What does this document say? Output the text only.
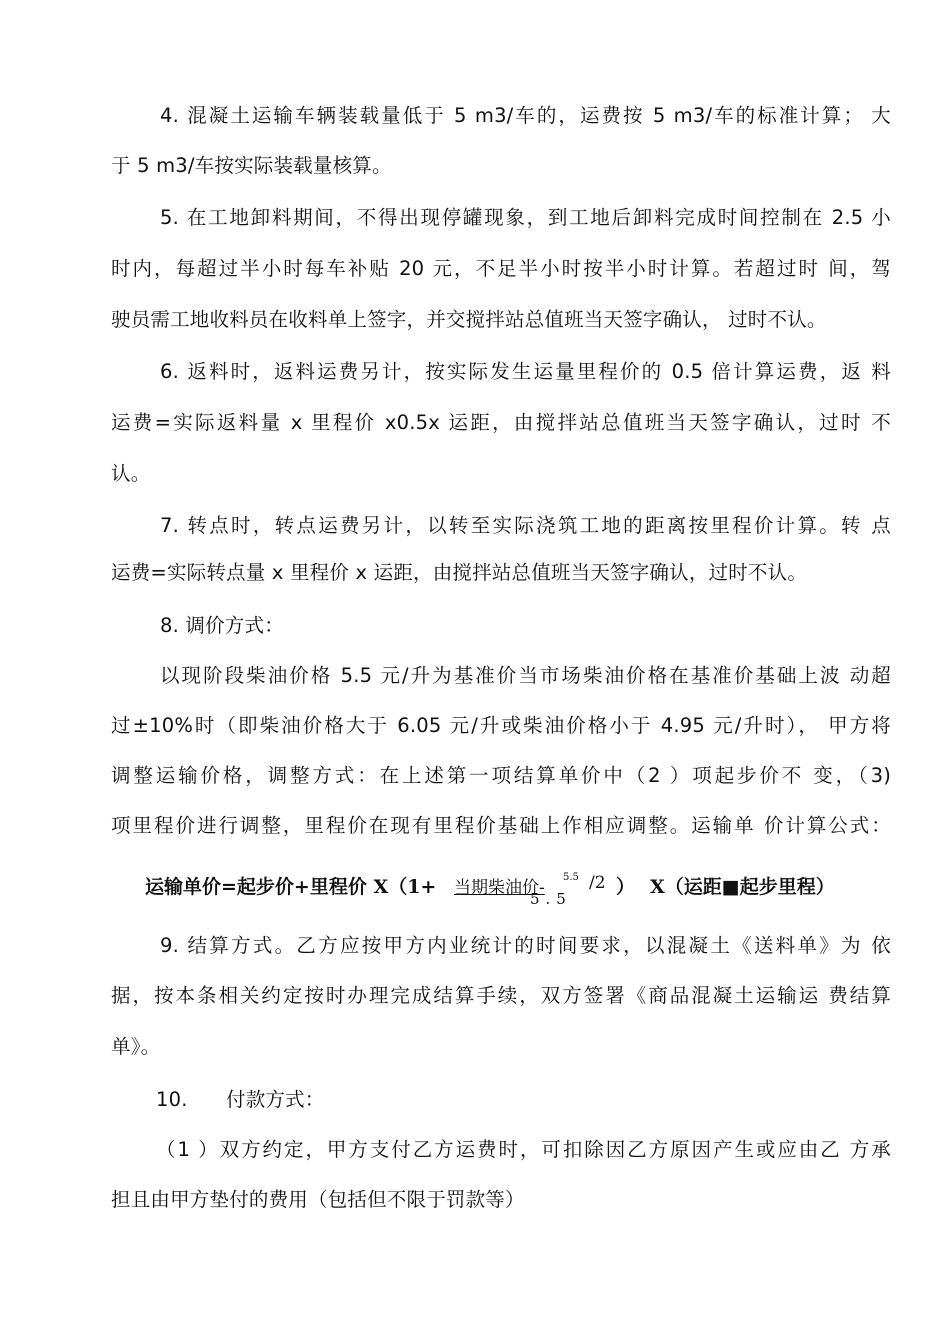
4. 混凝土运输车辆装载量低于 5 m3/车的，运费按 5 m3/车的标准计算； 大
于 5 m3/车按实际装载量核算。
5. 在工地卸料期间，不得出现停罐现象，到工地后卸料完成时间控制在 2.5 小
时内，每超过半小时每车补贴 20 元，不足半小时按半小时计算。若超过时 间，驾
驶员需工地收料员在收料单上签字，并交搅拌站总值班当天签字确认， 过时不认。
6. 返料时，返料运费另计，按实际发生运量里程价的 0.5 倍计算运费，返 料
运费=实际返料量 x 里程价 x0.5x 运距，由搅拌站总值班当天签字确认，过时 不
认。
7. 转点时，转点运费另计，以转至实际浇筑工地的距离按里程价计算。转 点
运费=实际转点量 x 里程价 x 运距，由搅拌站总值班当天签字确认，过时不认。
8. 调价方式：
以现阶段柴油价格 5.5 元/升为基准价当市场柴油价格在基准价基础上波 动超
过±10%时（即柴油价格大于 6.05 元/升或柴油价格小于 4.95 元/升时）， 甲方将
调整运输价格，调整方式：在上述第一项结算单价中（2 ）项起步价不 变，（3)
项里程价进行调整，里程价在现有里程价基础上作相应调整。运输单 价计算公式：
运输单价=起步价+里程价 X（1+ 当期柴油价-
5.5
5.5
/2 ） X（运距■起步里程）
9. 结算方式。乙方应按甲方内业统计的时间要求，以混凝土《送料单》为 依
据，按本条相关约定按时办理完成结算手续，双方签署《商品混凝土运输运 费结算
单》。
10.      付款方式：
（1 ）双方约定，甲方支付乙方运费时，可扣除因乙方原因产生或应由乙 方承
担且由甲方垫付的费用（包括但不限于罚款等）
